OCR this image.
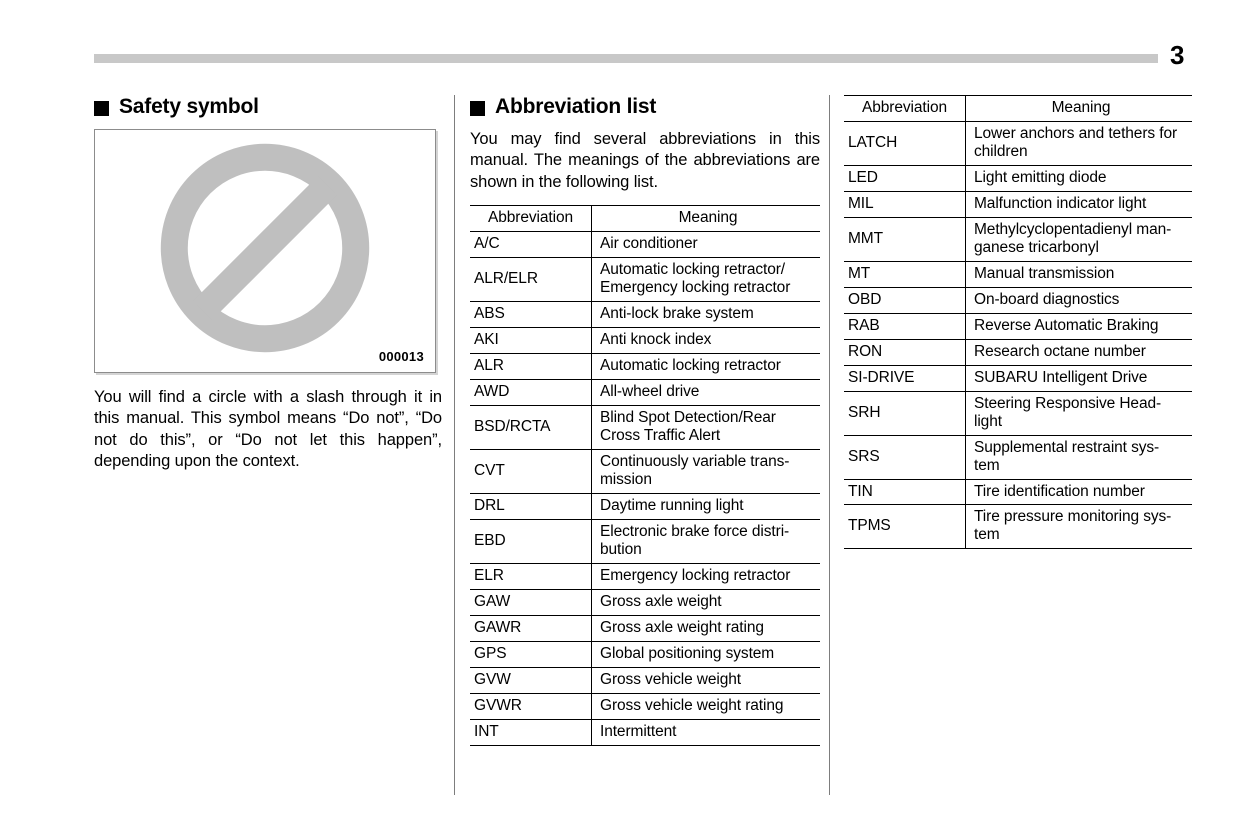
3
Safety symbol
000013

You will find a circle with a slash through it in this manual. This symbol means “Do not”, “Do not do this”, or “Do not let this happen”, depending upon the context.

Abbreviation list

You may find several abbreviations in this manual. The meanings of the abbreviations are shown in the following list.

Abbreviation	Meaning
A/C	Air conditioner
ALR/ELR	Automatic locking retractor/ Emergency locking retractor
ABS	Anti-lock brake system
AKI	Anti knock index
ALR	Automatic locking retractor
AWD	All-wheel drive
BSD/RCTA	Blind Spot Detection/Rear Cross Traffic Alert
CVT	Continuously variable trans- mission
DRL	Daytime running light
EBD	Electronic brake force distri- bution
ELR	Emergency locking retractor
GAW	Gross axle weight
GAWR	Gross axle weight rating
GPS	Global positioning system
GVW	Gross vehicle weight
GVWR	Gross vehicle weight rating
INT	Intermittent
Abbreviation	Meaning
LATCH	Lower anchors and tethers for children
LED	Light emitting diode
MIL	Malfunction indicator light
MMT	Methylcyclopentadienyl man- ganese tricarbonyl
MT	Manual transmission
OBD	On-board diagnostics
RAB	Reverse Automatic Braking
RON	Research octane number
SI-DRIVE	SUBARU Intelligent Drive
SRH	Steering Responsive Head- light
SRS	Supplemental restraint sys- tem
TIN	Tire identification number
TPMS	Tire pressure monitoring sys- tem
